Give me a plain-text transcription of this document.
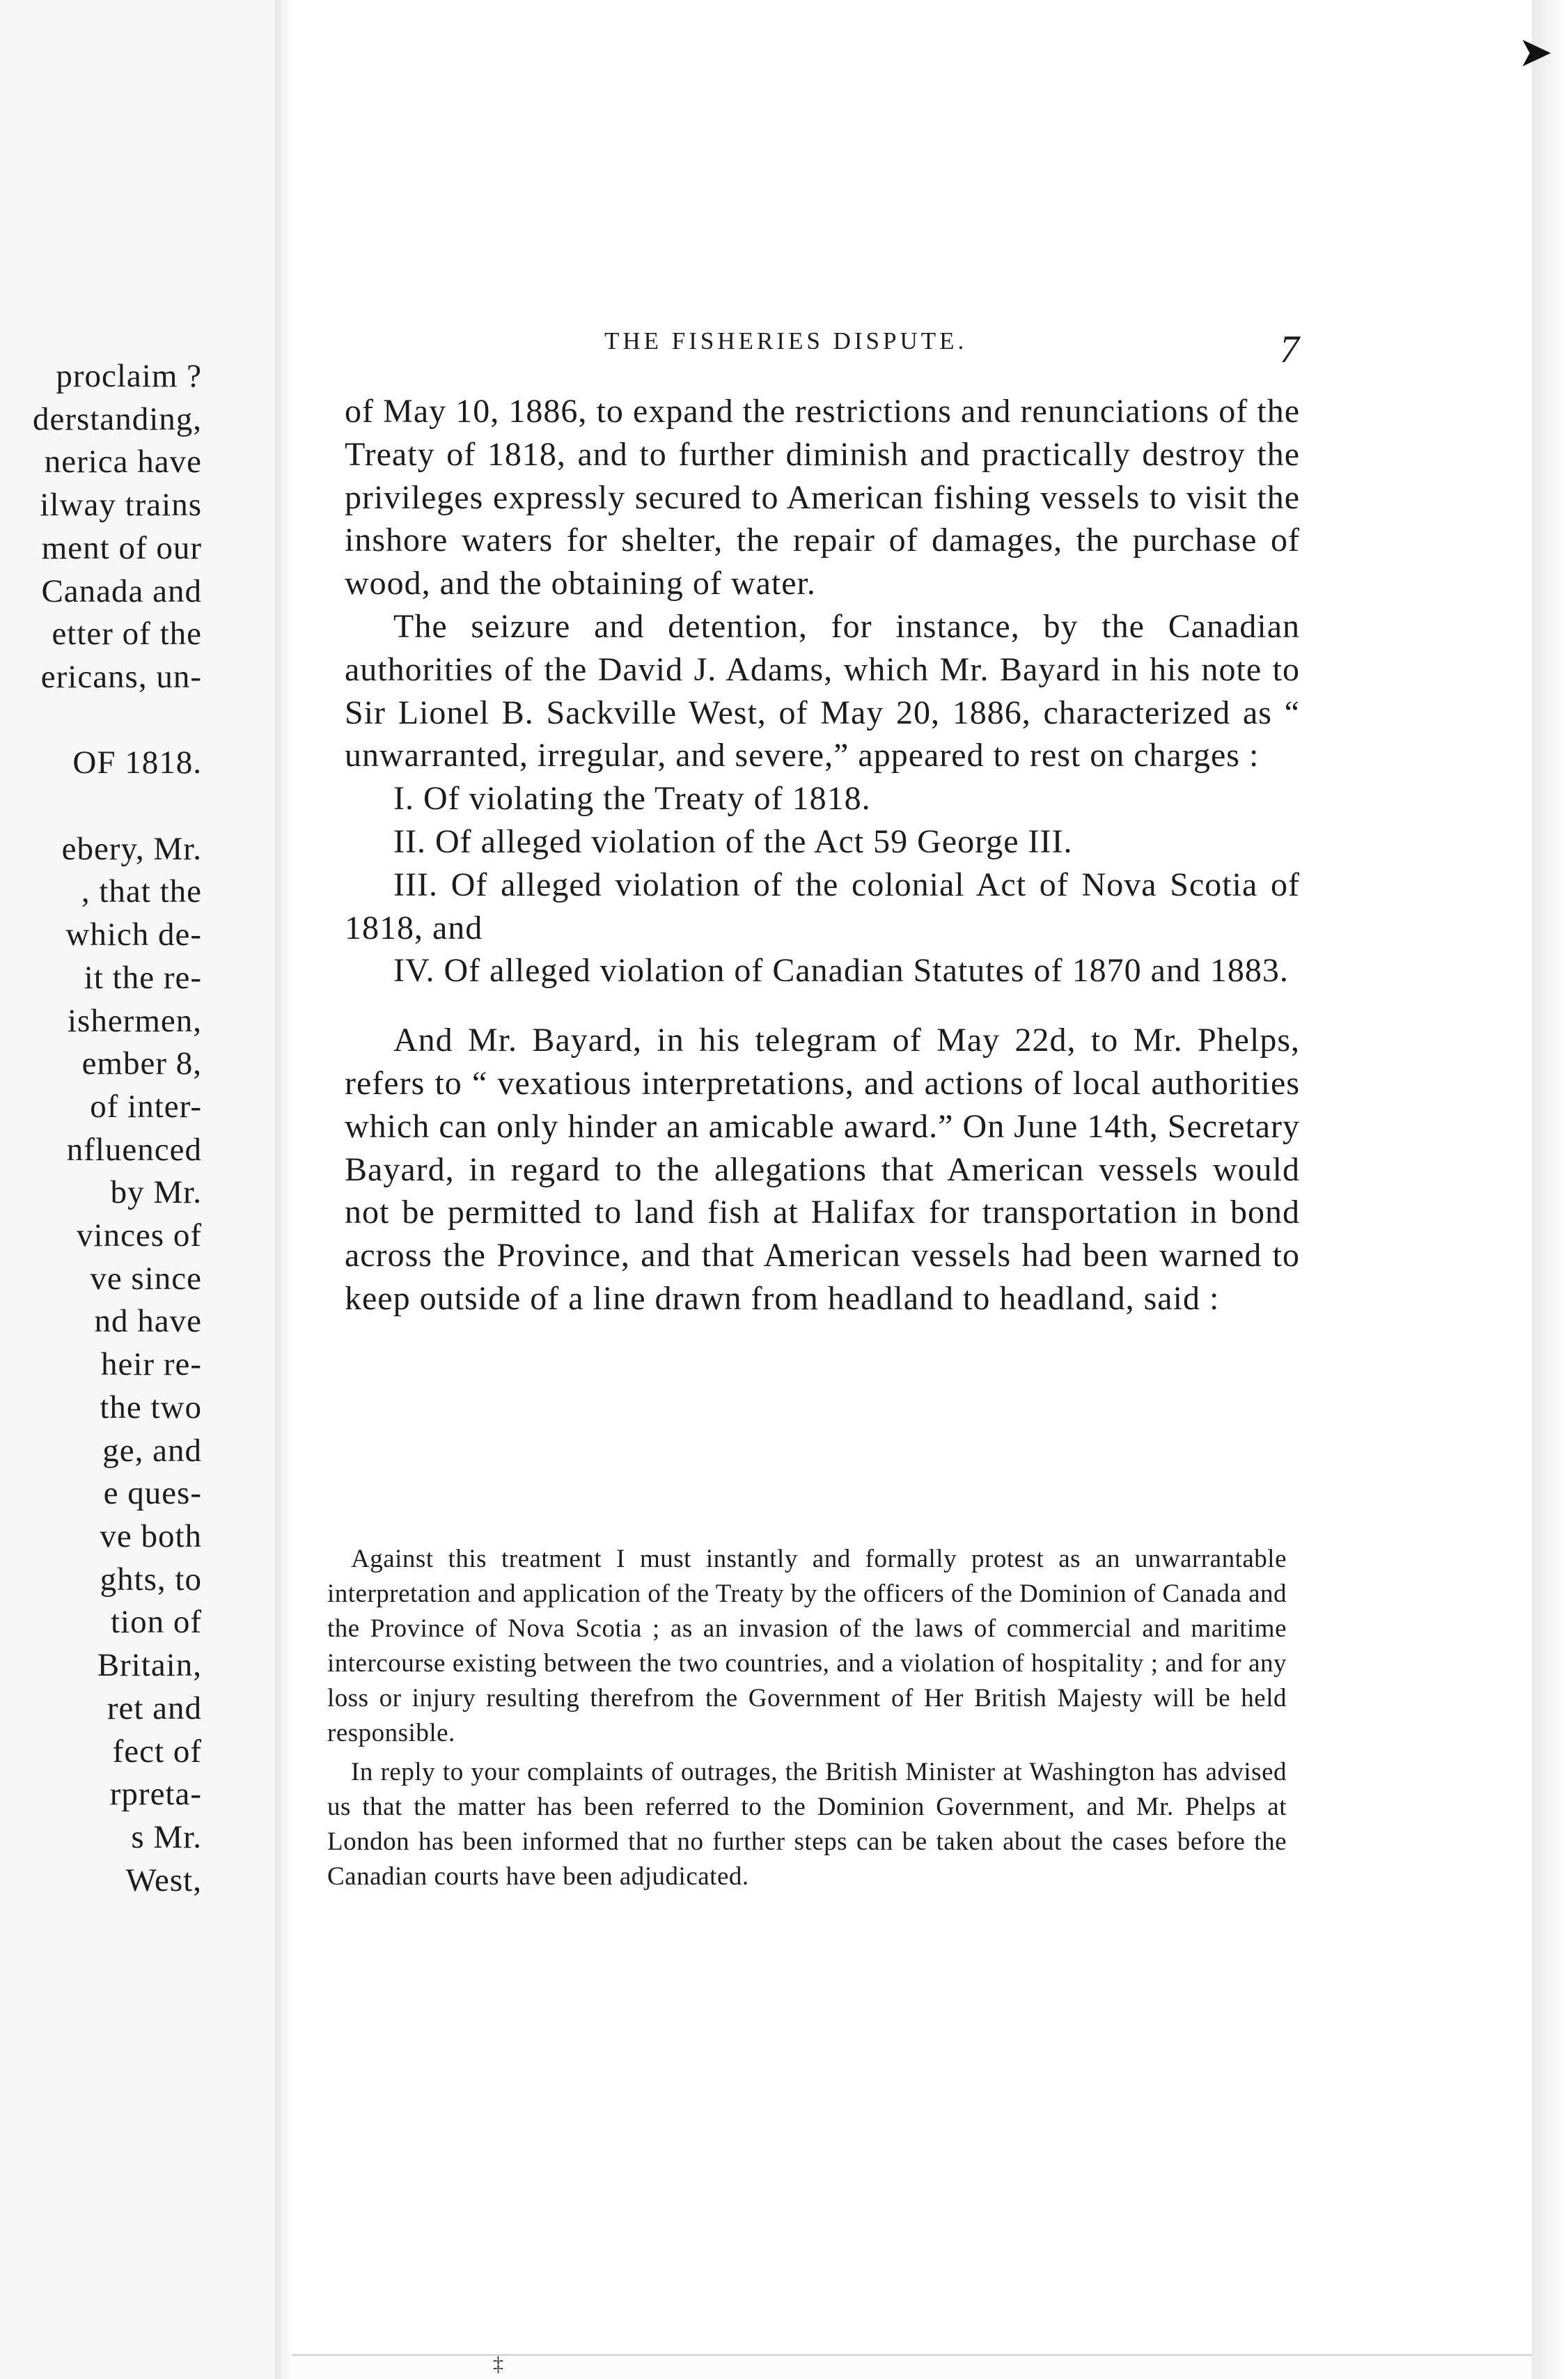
proclaim ?
derstanding,
nerica have
ilway trains
ment of our
Canada and
etter of the
ericans, un-

OF 1818.

ebery, Mr.
, that the
which de-
it the re-
ishermen,
ember 8,
of inter-
nfluenced
by Mr.
vinces of
ve since
nd have
heir re-
the two
ge, and
e ques-
ve both
ghts, to
tion of
Britain,
ret and
fect of
rpreta-
s Mr.
West,
➤
THE FISHERIES DISPUTE.	7

of May 10, 1886, to expand the restrictions and renunciations of the Treaty of 1818, and to further diminish and practically destroy the privileges expressly secured to American fishing vessels to visit the inshore waters for shelter, the repair of damages, the purchase of wood, and the obtaining of water.

The seizure and detention, for instance, by the Canadian authorities of the David J. Adams, which Mr. Bayard in his note to Sir Lionel B. Sackville West, of May 20, 1886, characterized as “ unwarranted, irregular, and severe,” appeared to rest on charges :

I. Of violating the Treaty of 1818.

II. Of alleged violation of the Act 59 George III.

III. Of alleged violation of the colonial Act of Nova Scotia of 1818, and

IV. Of alleged violation of Canadian Statutes of 1870 and 1883.

And Mr. Bayard, in his telegram of May 22d, to Mr. Phelps, refers to “ vexatious interpretations, and actions of local authorities which can only hinder an amicable award.” On June 14th, Secretary Bayard, in regard to the allegations that American vessels would not be permitted to land fish at Halifax for transportation in bond across the Province, and that American vessels had been warned to keep outside of a line drawn from headland to headland, said :

Against this treatment I must instantly and formally protest as an unwarrantable interpretation and application of the Treaty by the officers of the Dominion of Canada and the Province of Nova Scotia ; as an invasion of the laws of commercial and maritime intercourse existing between the two countries, and a violation of hospitality ; and for any loss or injury resulting therefrom the Government of Her British Majesty will be held responsible.

In reply to your complaints of outrages, the British Minister at Washington has advised us that the matter has been referred to the Dominion Government, and Mr. Phelps at London has been informed that no further steps can be taken about the cases before the Canadian courts have been adjudicated.

‡
